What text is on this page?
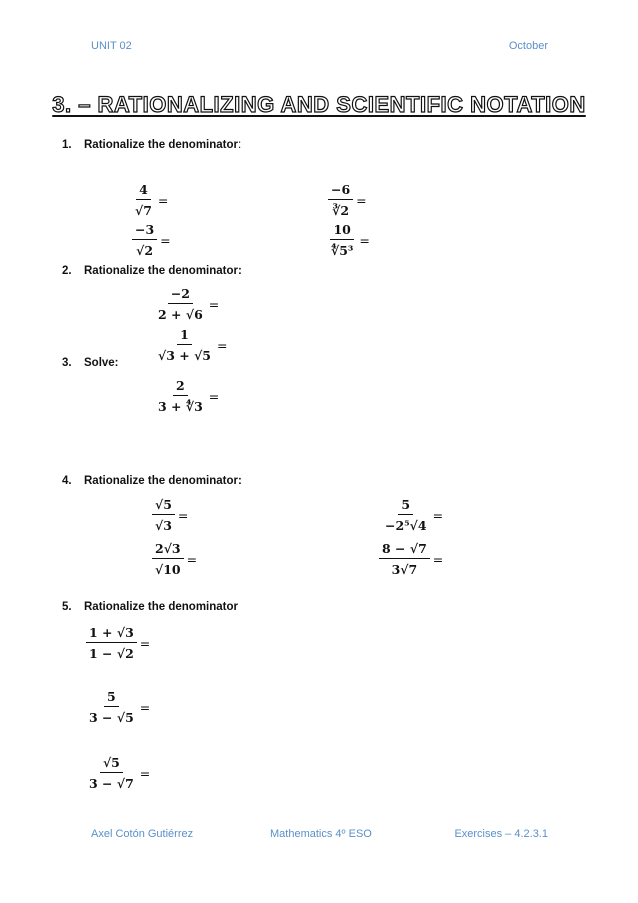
UNIT 02	October
3. – RATIONALIZING AND SCIENTIFIC NOTATION
1. Rationalize the denominator:
$\frac{4}{√7}$ =	$\frac{-6}{∛2}$ =
$\frac{-3}{√2}$ =	$\frac{10}{\text{∜5³}}$ =
2. Rationalize the denominator:
$\frac{-2}{2 + √6}$ =
$\frac{1}{√3 + √5}$ =
3. Solve:
$\frac{2}{3 + ∜3}$ =
4. Rationalize the denominator:
$\frac{√5}{√3}$ =	$\frac{5}{\text{−2⁵√4}}$ =
$\frac{2√3}{√10}$ =	$\frac{8 - √7}{3√7}$ =
5. Rationalize the denominator
$\frac{1 + √3}{1 - √2}$ =
$\frac{5}{3 - √5}$ =
$\frac{√5}{3 - √7}$ =
Axel Cotón Gutiérrez	Mathematics 4º ESO	Exercises – 4.2.3.1
